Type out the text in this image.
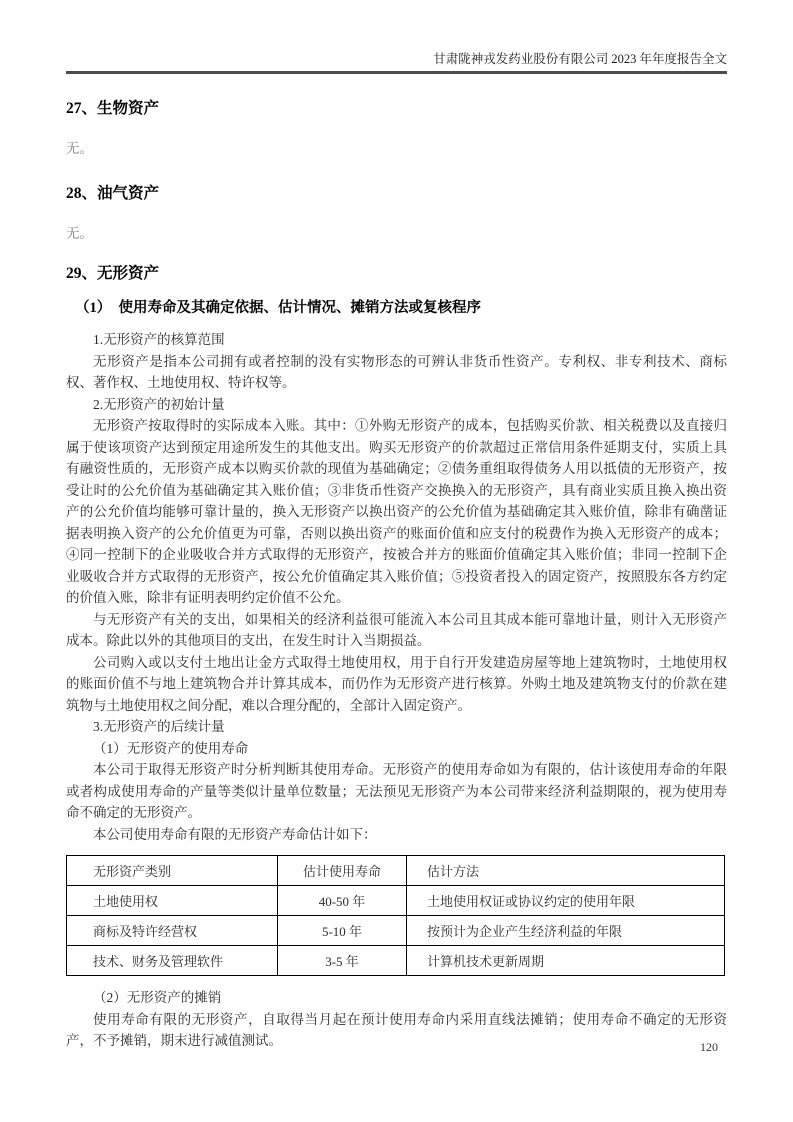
甘肃陇神戎发药业股份有限公司 2023 年年度报告全文
27、生物资产

无。

28、油气资产

无。

29、无形资产
（1）　使用寿命及其确定依据、估计情况、摊销方法或复核程序

1.无形资产的核算范围

无形资产是指本公司拥有或者控制的没有实物形态的可辨认非货币性资产。专利权、非专利技术、商标权、著作权、土地使用权、特许权等。

2.无形资产的初始计量

无形资产按取得时的实际成本入账。其中：①外购无形资产的成本，包括购买价款、相关税费以及直接归属于使该项资产达到预定用途所发生的其他支出。购买无形资产的价款超过正常信用条件延期支付，实质上具有融资性质的，无形资产成本以购买价款的现值为基础确定；②债务重组取得债务人用以抵债的无形资产，按受让时的公允价值为基础确定其入账价值；③非货币性资产交换换入的无形资产，具有商业实质且换入换出资产的公允价值均能够可靠计量的，换入无形资产以换出资产的公允价值为基础确定其入账价值，除非有确凿证据表明换入资产的公允价值更为可靠，否则以换出资产的账面价值和应支付的税费作为换入无形资产的成本；④同一控制下的企业吸收合并方式取得的无形资产，按被合并方的账面价值确定其入账价值；非同一控制下企业吸收合并方式取得的无形资产，按公允价值确定其入账价值；⑤投资者投入的固定资产，按照股东各方约定的价值入账，除非有证明表明约定价值不公允。

与无形资产有关的支出，如果相关的经济利益很可能流入本公司且其成本能可靠地计量，则计入无形资产成本。除此以外的其他项目的支出，在发生时计入当期损益。

公司购入或以支付土地出让金方式取得土地使用权，用于自行开发建造房屋等地上建筑物时，土地使用权的账面价值不与地上建筑物合并计算其成本，而仍作为无形资产进行核算。外购土地及建筑物支付的价款在建筑物与土地使用权之间分配，难以合理分配的，全部计入固定资产。

3.无形资产的后续计量

（1）无形资产的使用寿命

本公司于取得无形资产时分析判断其使用寿命。无形资产的使用寿命如为有限的，估计该使用寿命的年限或者构成使用寿命的产量等类似计量单位数量；无法预见无形资产为本公司带来经济利益期限的，视为使用寿命不确定的无形资产。

本公司使用寿命有限的无形资产寿命估计如下：

无形资产类别	估计使用寿命	估计方法
土地使用权	40-50 年	土地使用权证或协议约定的使用年限
商标及特许经营权	5-10 年	按预计为企业产生经济利益的年限
技术、财务及管理软件	3-5 年	计算机技术更新周期

（2）无形资产的摊销

使用寿命有限的无形资产，自取得当月起在预计使用寿命内采用直线法摊销；使用寿命不确定的无形资产，不予摊销，期末进行减值测试。	120
